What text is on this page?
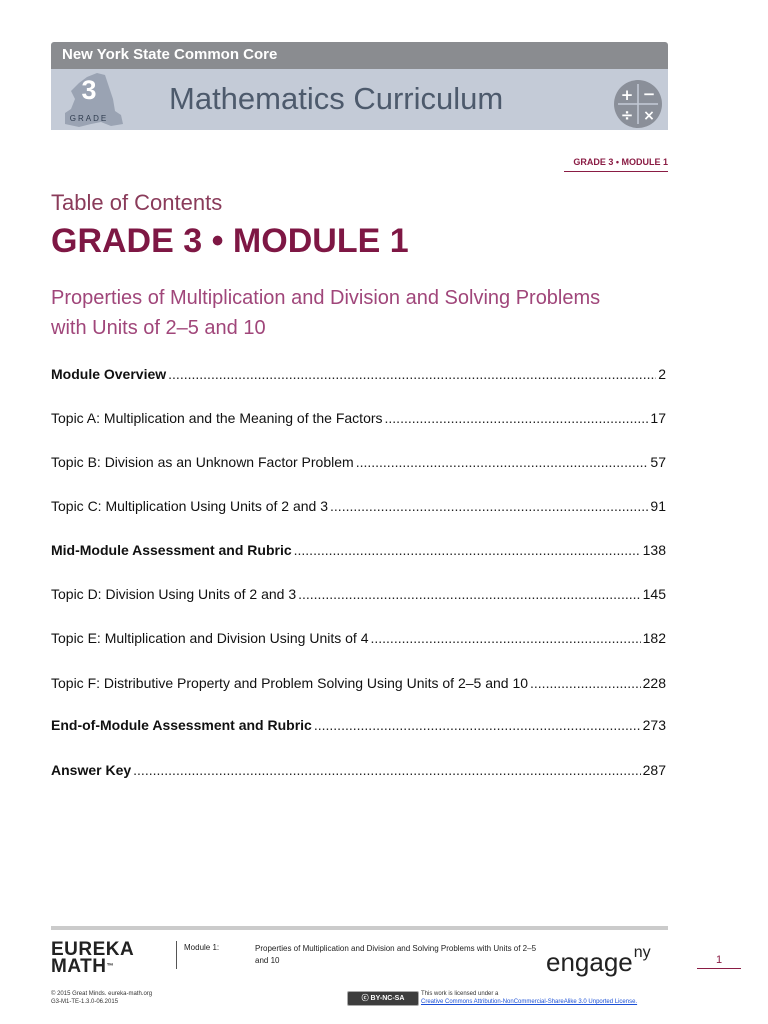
New York State Common Core
3
GRADE
Mathematics Curriculum	+ −
÷ ×
GRADE 3 • MODULE 1
Table of Contents
GRADE 3 • MODULE 1
Properties of Multiplication and Division and Solving Problems with Units of 2–5 and 10
Module Overview .....	2
Topic A: Multiplication and the Meaning of the Factors .....	17
Topic B: Division as an Unknown Factor Problem .....	57
Topic C: Multiplication Using Units of 2 and 3 .....	91
Mid-Module Assessment and Rubric .....	138
Topic D: Division Using Units of 2 and 3 .....	145
Topic E: Multiplication and Division Using Units of 4 .....	182
Topic F: Distributive Property and Problem Solving Using Units of 2–5 and 10 .....	228
End-of-Module Assessment and Rubric .....	273
Answer Key .....	287
EUREKA
MATH™
Module 1:	Properties of Multiplication and Division and Solving Problems with Units of 2–5 and 10	engage$^{ny}$	1
© 2015 Great Minds. eureka-math.org
G3-M1-TE-1.3.0-06.2015	ⓒ BY-NC-SA
This work is licensed under a
Creative Commons Attribution-NonCommercial-ShareAlike 3.0 Unported License.
